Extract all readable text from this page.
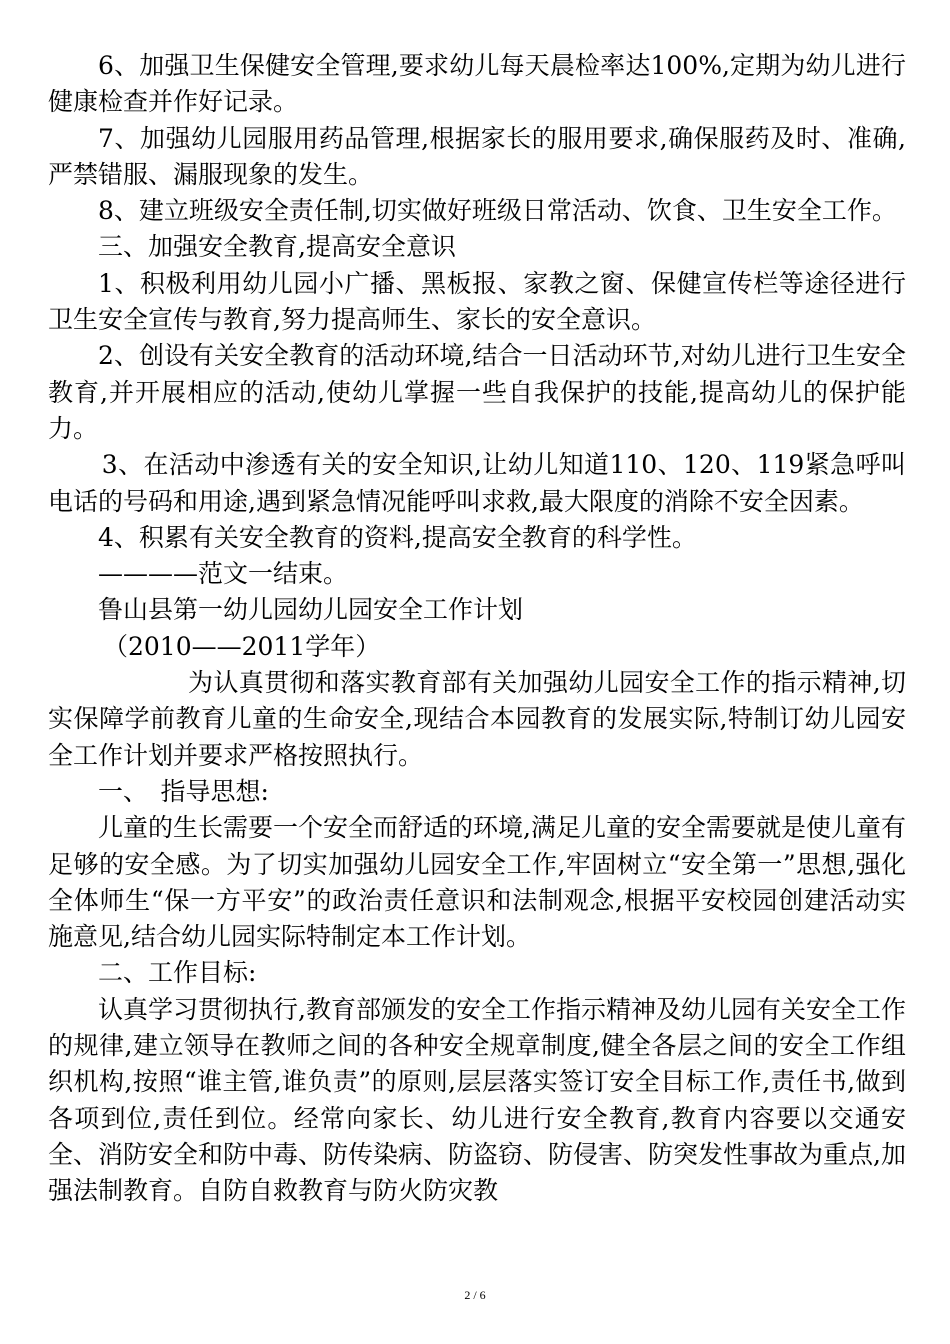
6、加强卫生保健安全管理,要求幼儿每天晨检率达100%,定期为幼儿进行健康检查并作好记录。

7、加强幼儿园服用药品管理,根据家长的服用要求,确保服药及时、准确,严禁错服、漏服现象的发生。

8、建立班级安全责任制,切实做好班级日常活动、饮食、卫生安全工作。

三、加强安全教育,提高安全意识

1、积极利用幼儿园小广播、黑板报、家教之窗、保健宣传栏等途径进行卫生安全宣传与教育,努力提高师生、家长的安全意识。

2、创设有关安全教育的活动环境,结合一日活动环节,对幼儿进行卫生安全教育,并开展相应的活动,使幼儿掌握一些自我保护的技能,提高幼儿的保护能力。

3、在活动中渗透有关的安全知识,让幼儿知道110、120、119紧急呼叫电话的号码和用途,遇到紧急情况能呼叫求救,最大限度的消除不安全因素。

4、积累有关安全教育的资料,提高安全教育的科学性。

————范文一结束。

鲁山县第一幼儿园幼儿园安全工作计划

（2010——2011学年）

为认真贯彻和落实教育部有关加强幼儿园安全工作的指示精神,切实保障学前教育儿童的生命安全,现结合本园教育的发展实际,特制订幼儿园安全工作计划并要求严格按照执行。

一、　指导思想:

儿童的生长需要一个安全而舒适的环境,满足儿童的安全需要就是使儿童有足够的安全感。为了切实加强幼儿园安全工作,牢固树立“安全第一”思想,强化全体师生“保一方平安”的政治责任意识和法制观念,根据平安校园创建活动实施意见,结合幼儿园实际特制定本工作计划。

二、工作目标:

认真学习贯彻执行,教育部颁发的安全工作指示精神及幼儿园有关安全工作的规律,建立领导在教师之间的各种安全规章制度,健全各层之间的安全工作组织机构,按照“谁主管,谁负责”的原则,层层落实签订安全目标工作,责任书,做到各项到位,责任到位。经常向家长、幼儿进行安全教育,教育内容要以交通安全、消防安全和防中毒、防传染病、防盗窃、防侵害、防突发性事故为重点,加强法制教育。自防自救教育与防火防灾教

2 / 6
